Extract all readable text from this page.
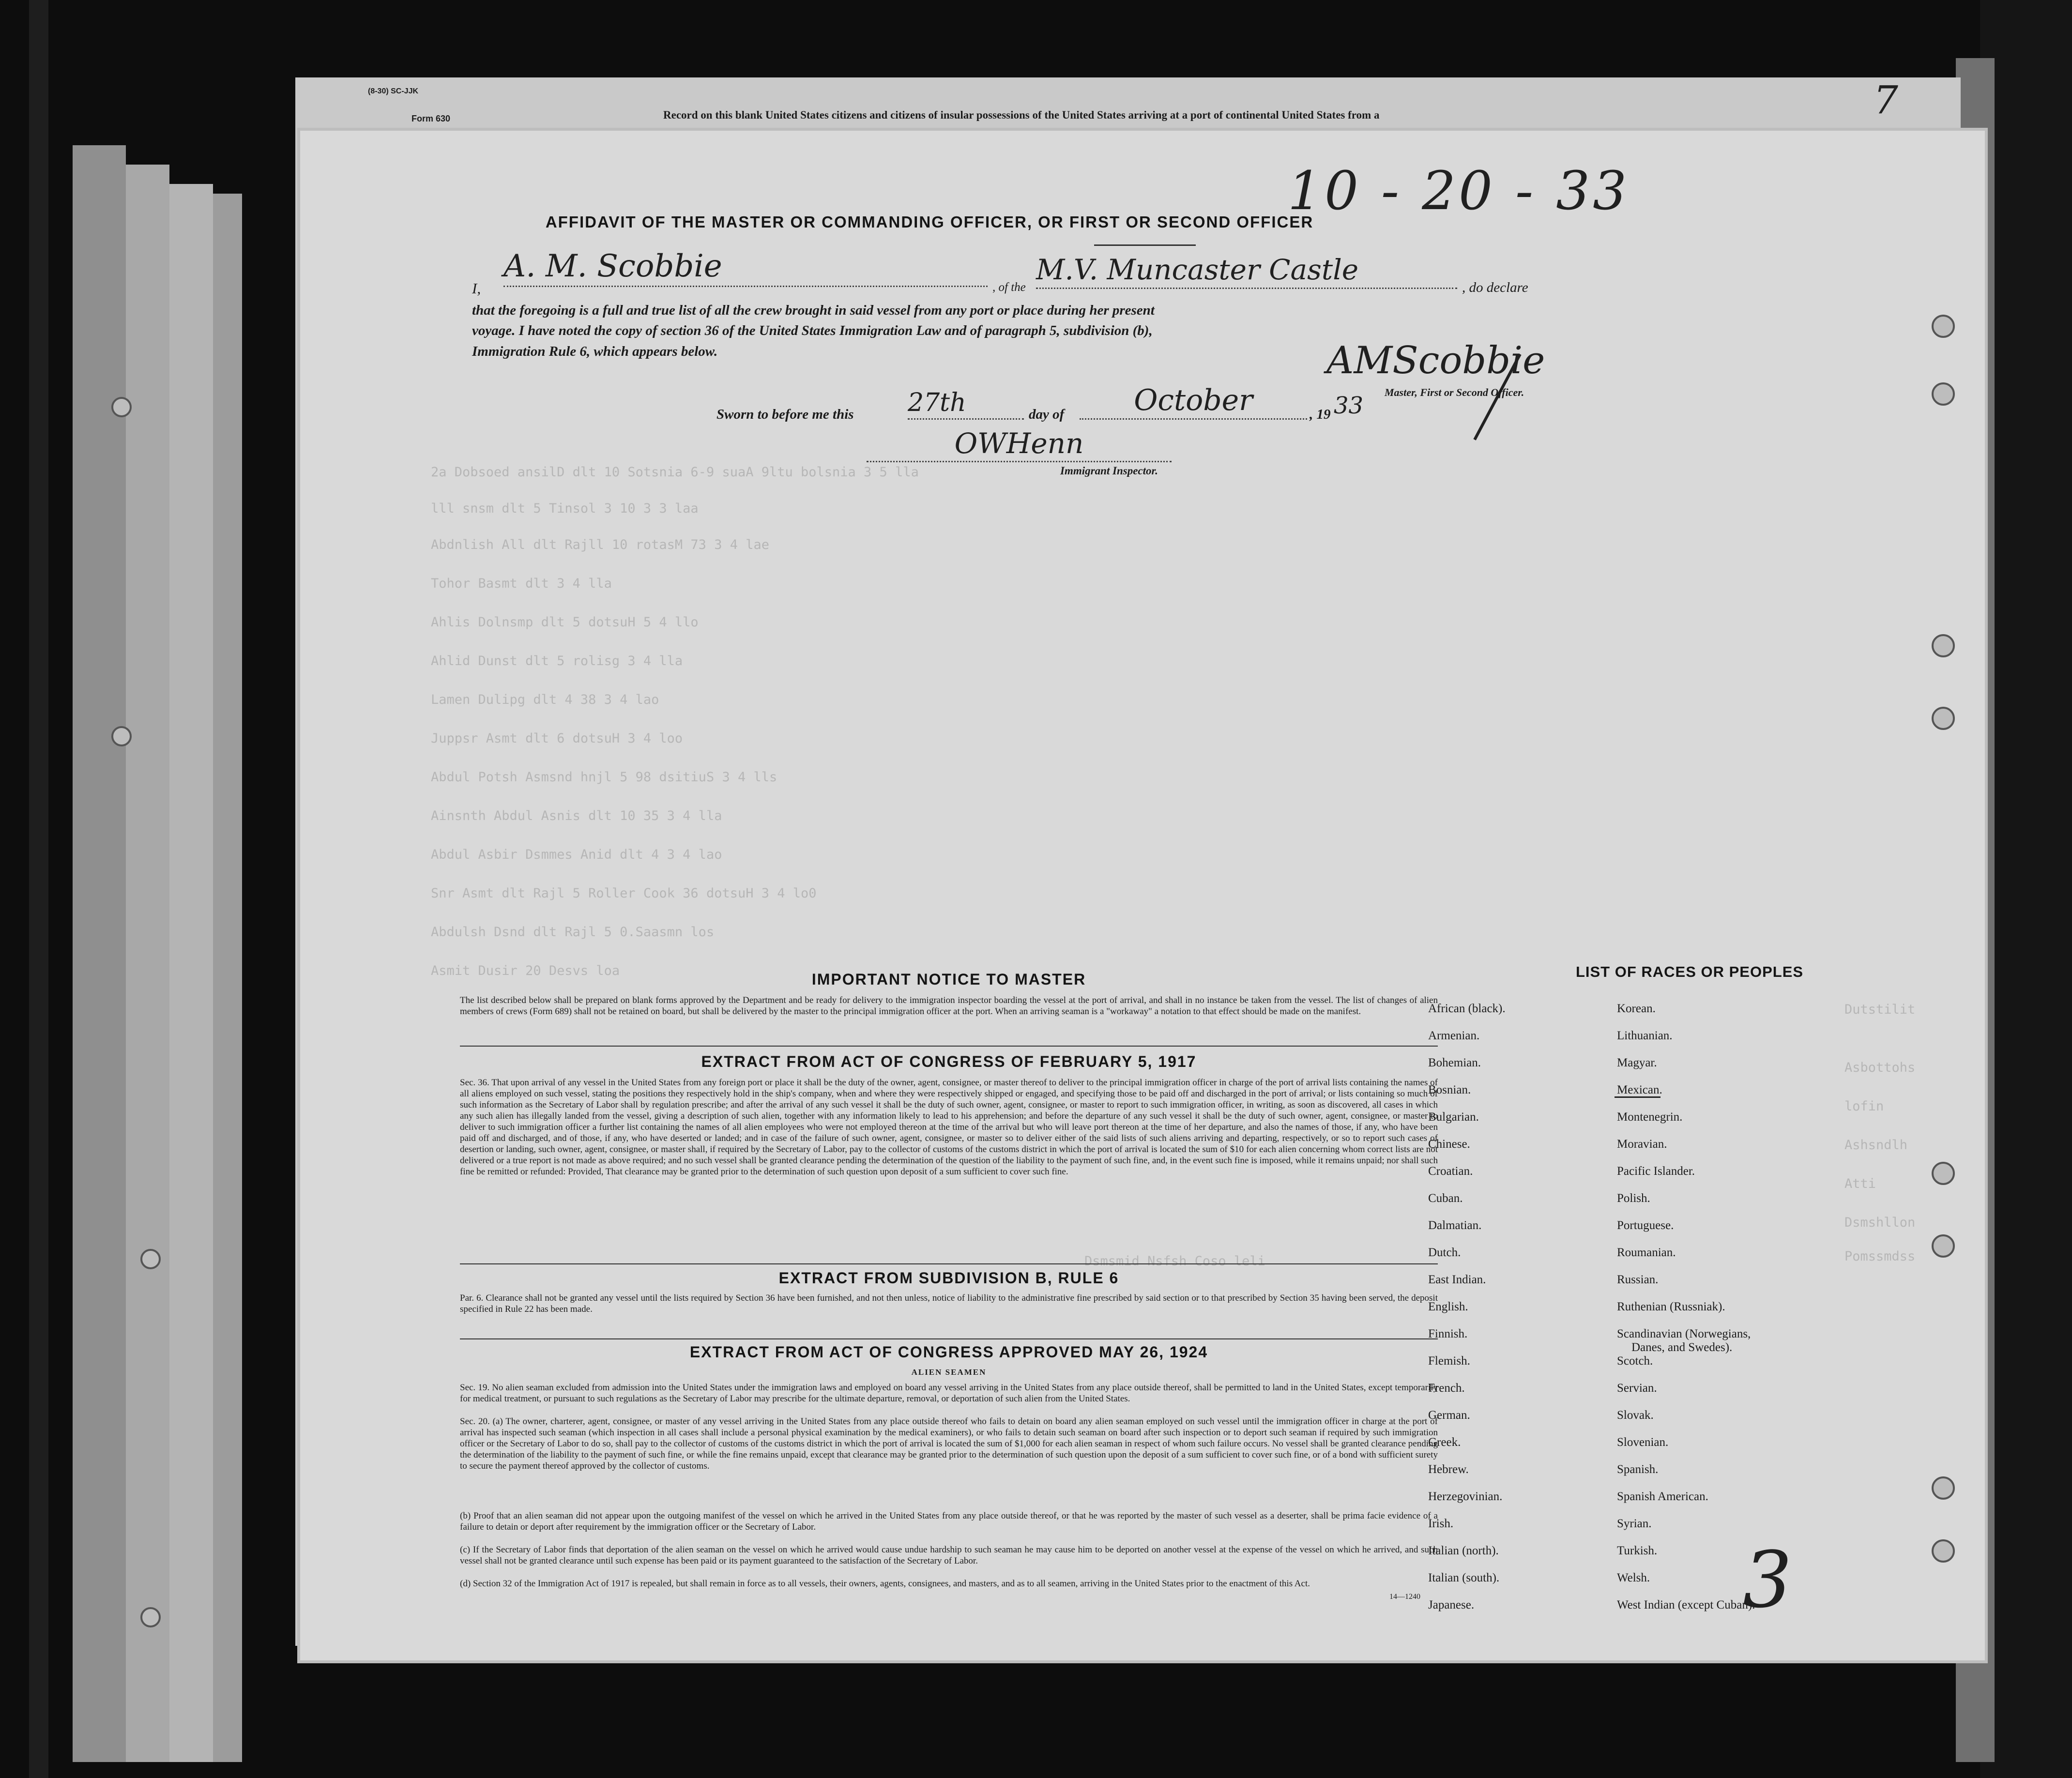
(8-30) SC-JJK
Form 630	Record on this blank United States citizens and citizens of insular possessions of the United States arriving at a port of continental United States from a	7
2a Dobsoed ansilD dlt 10 Sotsnia 6-9 suaA 9ltu bolsnia 3 5 lla
lll snsm dlt 5 Tinsol 3 10 3 3 laa
Abdnlish All dlt Rajll 10 rotasM 73 3 4 lae
Tohor Basmt dlt 3 4 lla
Ahlis Dolnsmp dlt 5 dotsuH 5 4 llo
Ahlid Dunst dlt 5 rolisg 3 4 lla
Lamen Dulipg dlt 4 38 3 4 lao
Juppsr Asmt dlt 6 dotsuH 3 4 loo
Abdul Potsh Asmsnd hnjl 5 98 dsitiuS 3 4 lls
Ainsnth Abdul Asnis dlt 10 35 3 4 lla
Abdul Asbir Dsmmes Anid dlt 4 3 4 lao
Snr Asmt dlt Rajl 5 Roller Cook 36 dotsuH 3 4 lo0
Abdulsh Dsnd dlt Rajl 5 0.Saasmn los
Asmit Dusir 20 Desvs loa
Dutstilit
Asbottohs
lofin
Ashsndlh
Atti
Dsmshllon
Pomssmdss
Dsmsmid Nsfsh Coso leli
10 - 20 - 33
AFFIDAVIT OF THE MASTER OR COMMANDING OFFICER, OR FIRST OR SECOND OFFICER
I,
A. M. Scobbie
, of the
M.V. Muncaster Castle
, do declare
that the foregoing is a full and true list of all the crew brought in said vessel from any port or place during her present
voyage. I have noted the copy of section 36 of the United States Immigration Law and of paragraph 5, subdivision (b),
Immigration Rule 6, which appears below.	AMScobbie
Master, First or Second Officer.
Sworn to before me this 27th	day of	October	, 19 33
OWHenn
Immigrant Inspector.
IMPORTANT NOTICE TO MASTER
The list described below shall be prepared on blank forms approved by the Department and be ready for delivery to the immigration inspector boarding the vessel at the port of arrival, and shall in no instance be taken from the vessel. The list of changes of alien members of crews (Form 689) shall not be retained on board, but shall be delivered by the master to the principal immigration officer at the port. When an arriving seaman is a "workaway" a notation to that effect should be made on the manifest.
EXTRACT FROM ACT OF CONGRESS OF FEBRUARY 5, 1917
Sec. 36. That upon arrival of any vessel in the United States from any foreign port or place it shall be the duty of the owner, agent, consignee, or master thereof to deliver to the principal immigration officer in charge of the port of arrival lists containing the names of all aliens employed on such vessel, stating the positions they respectively hold in the ship's company, when and where they were respectively shipped or engaged, and specifying those to be paid off and discharged in the port of arrival; or lists containing so much of such information as the Secretary of Labor shall by regulation prescribe; and after the arrival of any such vessel it shall be the duty of such owner, agent, consignee, or master to report to such immigration officer, in writing, as soon as discovered, all cases in which any such alien has illegally landed from the vessel, giving a description of such alien, together with any information likely to lead to his apprehension; and before the departure of any such vessel it shall be the duty of such owner, agent, consignee, or master to deliver to such immigration officer a further list containing the names of all alien employees who were not employed thereon at the time of the arrival but who will leave port thereon at the time of her departure, and also the names of those, if any, who have been paid off and discharged, and of those, if any, who have deserted or landed; and in case of the failure of such owner, agent, consignee, or master so to deliver either of the said lists of such aliens arriving and departing, respectively, or so to report such cases of desertion or landing, such owner, agent, consignee, or master shall, if required by the Secretary of Labor, pay to the collector of customs of the customs district in which the port of arrival is located the sum of $10 for each alien concerning whom correct lists are not delivered or a true report is not made as above required; and no such vessel shall be granted clearance pending the determination of the question of the liability to the payment of such fine, and, in the event such fine is imposed, while it remains unpaid; nor shall such fine be remitted or refunded: Provided, That clearance may be granted prior to the determination of such question upon deposit of a sum sufficient to cover such fine.
EXTRACT FROM SUBDIVISION B, RULE 6
Par. 6. Clearance shall not be granted any vessel until the lists required by Section 36 have been furnished, and not then unless, notice of liability to the administrative fine prescribed by said section or to that prescribed by Section 35 having been served, the deposit specified in Rule 22 has been made.
EXTRACT FROM ACT OF CONGRESS APPROVED MAY 26, 1924
ALIEN SEAMEN
Sec. 19. No alien seaman excluded from admission into the United States under the immigration laws and employed on board any vessel arriving in the United States from any place outside thereof, shall be permitted to land in the United States, except temporarily for medical treatment, or pursuant to such regulations as the Secretary of Labor may prescribe for the ultimate departure, removal, or deportation of such alien from the United States.
Sec. 20. (a) The owner, charterer, agent, consignee, or master of any vessel arriving in the United States from any place outside thereof who fails to detain on board any alien seaman employed on such vessel until the immigration officer in charge at the port of arrival has inspected such seaman (which inspection in all cases shall include a personal physical examination by the medical examiners), or who fails to detain such seaman on board after such inspection or to deport such seaman if required by such immigration officer or the Secretary of Labor to do so, shall pay to the collector of customs of the customs district in which the port of arrival is located the sum of $1,000 for each alien seaman in respect of whom such failure occurs. No vessel shall be granted clearance pending the determination of the liability to the payment of such fine, or while the fine remains unpaid, except that clearance may be granted prior to the determination of such question upon the deposit of a sum sufficient to cover such fine, or of a bond with sufficient surety to secure the payment thereof approved by the collector of customs.
(b) Proof that an alien seaman did not appear upon the outgoing manifest of the vessel on which he arrived in the United States from any place outside thereof, or that he was reported by the master of such vessel as a deserter, shall be prima facie evidence of a failure to detain or deport after requirement by the immigration officer or the Secretary of Labor.
(c) If the Secretary of Labor finds that deportation of the alien seaman on the vessel on which he arrived would cause undue hardship to such seaman he may cause him to be deported on another vessel at the expense of the vessel on which he arrived, and such vessel shall not be granted clearance until such expense has been paid or its payment guaranteed to the satisfaction of the Secretary of Labor.
(d) Section 32 of the Immigration Act of 1917 is repealed, but shall remain in force as to all vessels, their owners, agents, consignees, and masters, and as to all seamen, arriving in the United States prior to the enactment of this Act.
14—1240
LIST OF RACES OR PEOPLES
3
African (black).
Armenian.
Bohemian.
Bosnian.
Bulgarian.
Chinese.
Croatian.
Cuban.
Dalmatian.
Dutch.
East Indian.
English.
Finnish.
Flemish.
French.
German.
Greek.
Hebrew.
Herzegovinian.
Irish.
Italian (north).
Italian (south).
Japanese.
Korean.
Lithuanian.
Magyar.
Mexican.
Montenegrin.
Moravian.
Pacific Islander.
Polish.
Portuguese.
Roumanian.
Russian.
Ruthenian (Russniak).
Scandinavian (Norwegians,
Danes, and Swedes).
Scotch.
Servian.
Slovak.
Slovenian.
Spanish.
Spanish American.
Syrian.
Turkish.
Welsh.
West Indian (except Cuban).
